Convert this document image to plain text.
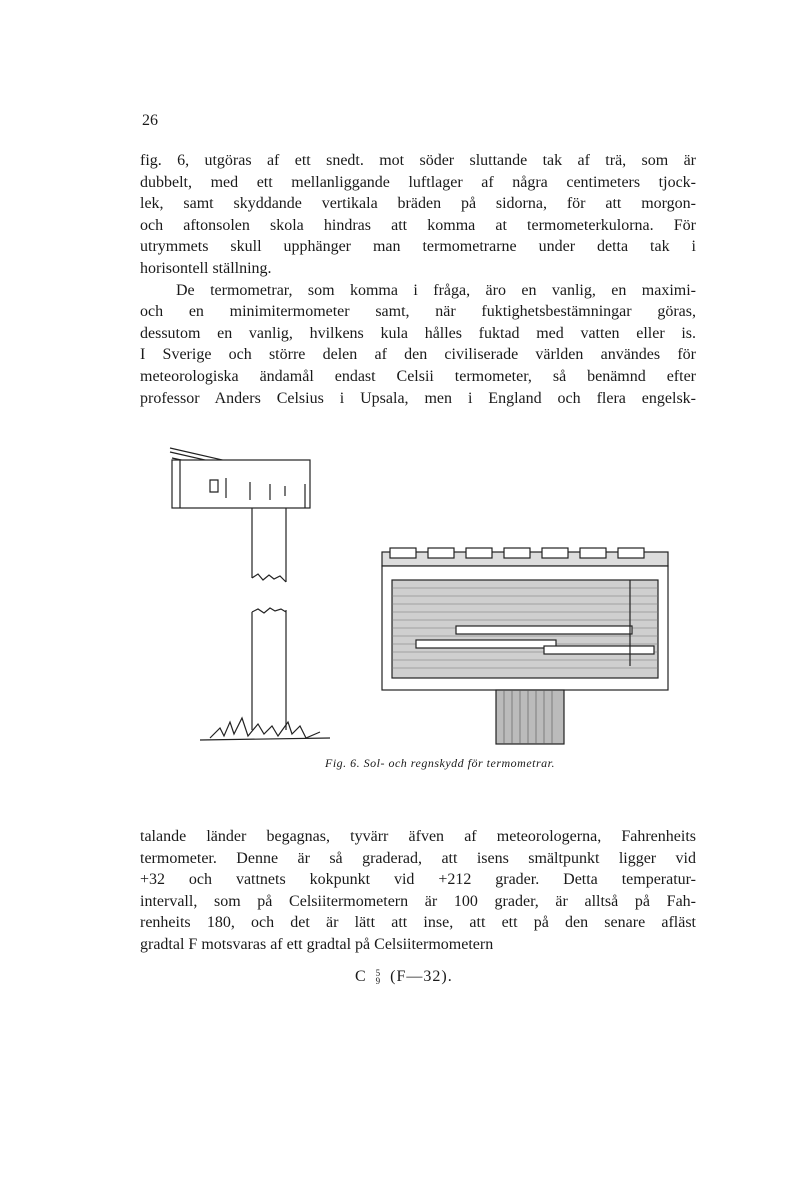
26
fig. 6, utgöras af ett snedt. mot söder sluttande tak af trä, som är
dubbelt, med ett mellanliggande luftlager af några centimeters tjock-
lek, samt skyddande vertikala bräden på sidorna, för att morgon-
och aftonsolen skola hindras att komma at termometerkulorna. För
utrymmets skull upphänger man termometrarne under detta tak i
horisontell ställning.
De termometrar, som komma i fråga, äro en vanlig, en maximi-
och en minimitermometer samt, när fuktighetsbestämningar göras,
dessutom en vanlig, hvilkens kula hålles fuktad med vatten eller is.
I Sverige och större delen af den civiliserade världen användes för
meteorologiska ändamål endast Celsii termometer, så benämnd efter
professor Anders Celsius i Upsala, men i England och flera engelsk-
Fig. 6. Sol- och regnskydd för termometrar.
talande länder begagnas, tyvärr äfven af meteorologerna, Fahrenheits
termometer. Denne är så graderad, att isens smältpunkt ligger vid
+32 och vattnets kokpunkt vid +212 grader. Detta temperatur-
intervall, som på Celsiitermometern är 100 grader, är alltså på Fah-
renheits 180, och det är lätt att inse, att ett på den senare afläst
gradtal F motsvaras af ett gradtal på Celsiitermometern
C 5
9 (F—32).
